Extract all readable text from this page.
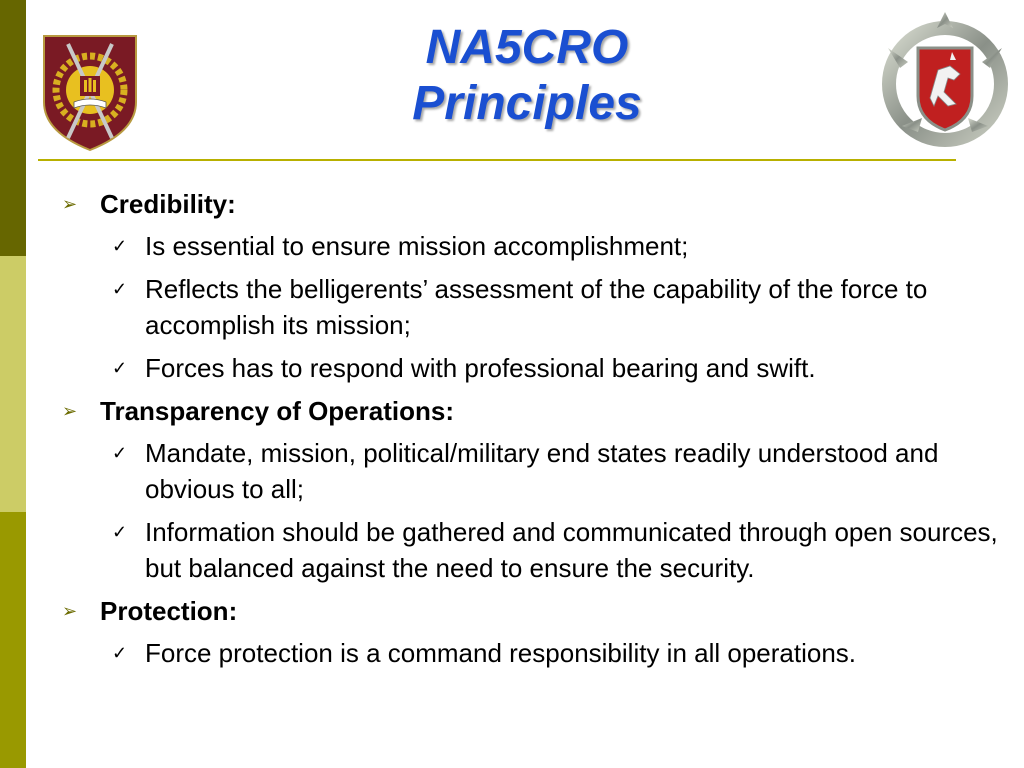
NA5CRO
Principles
➢ Credibility:
✓ Is essential to ensure mission accomplishment;
✓ Reflects the belligerents’ assessment of the capability of the force to accomplish its mission;
✓ Forces has to respond with professional bearing and swift.
➢ Transparency of Operations:
✓ Mandate, mission, political/military end states readily understood and obvious to all;
✓ Information should be gathered and communicated through open sources, but balanced against the need to ensure the security.
➢ Protection:
✓ Force protection is a command responsibility in all operations.
